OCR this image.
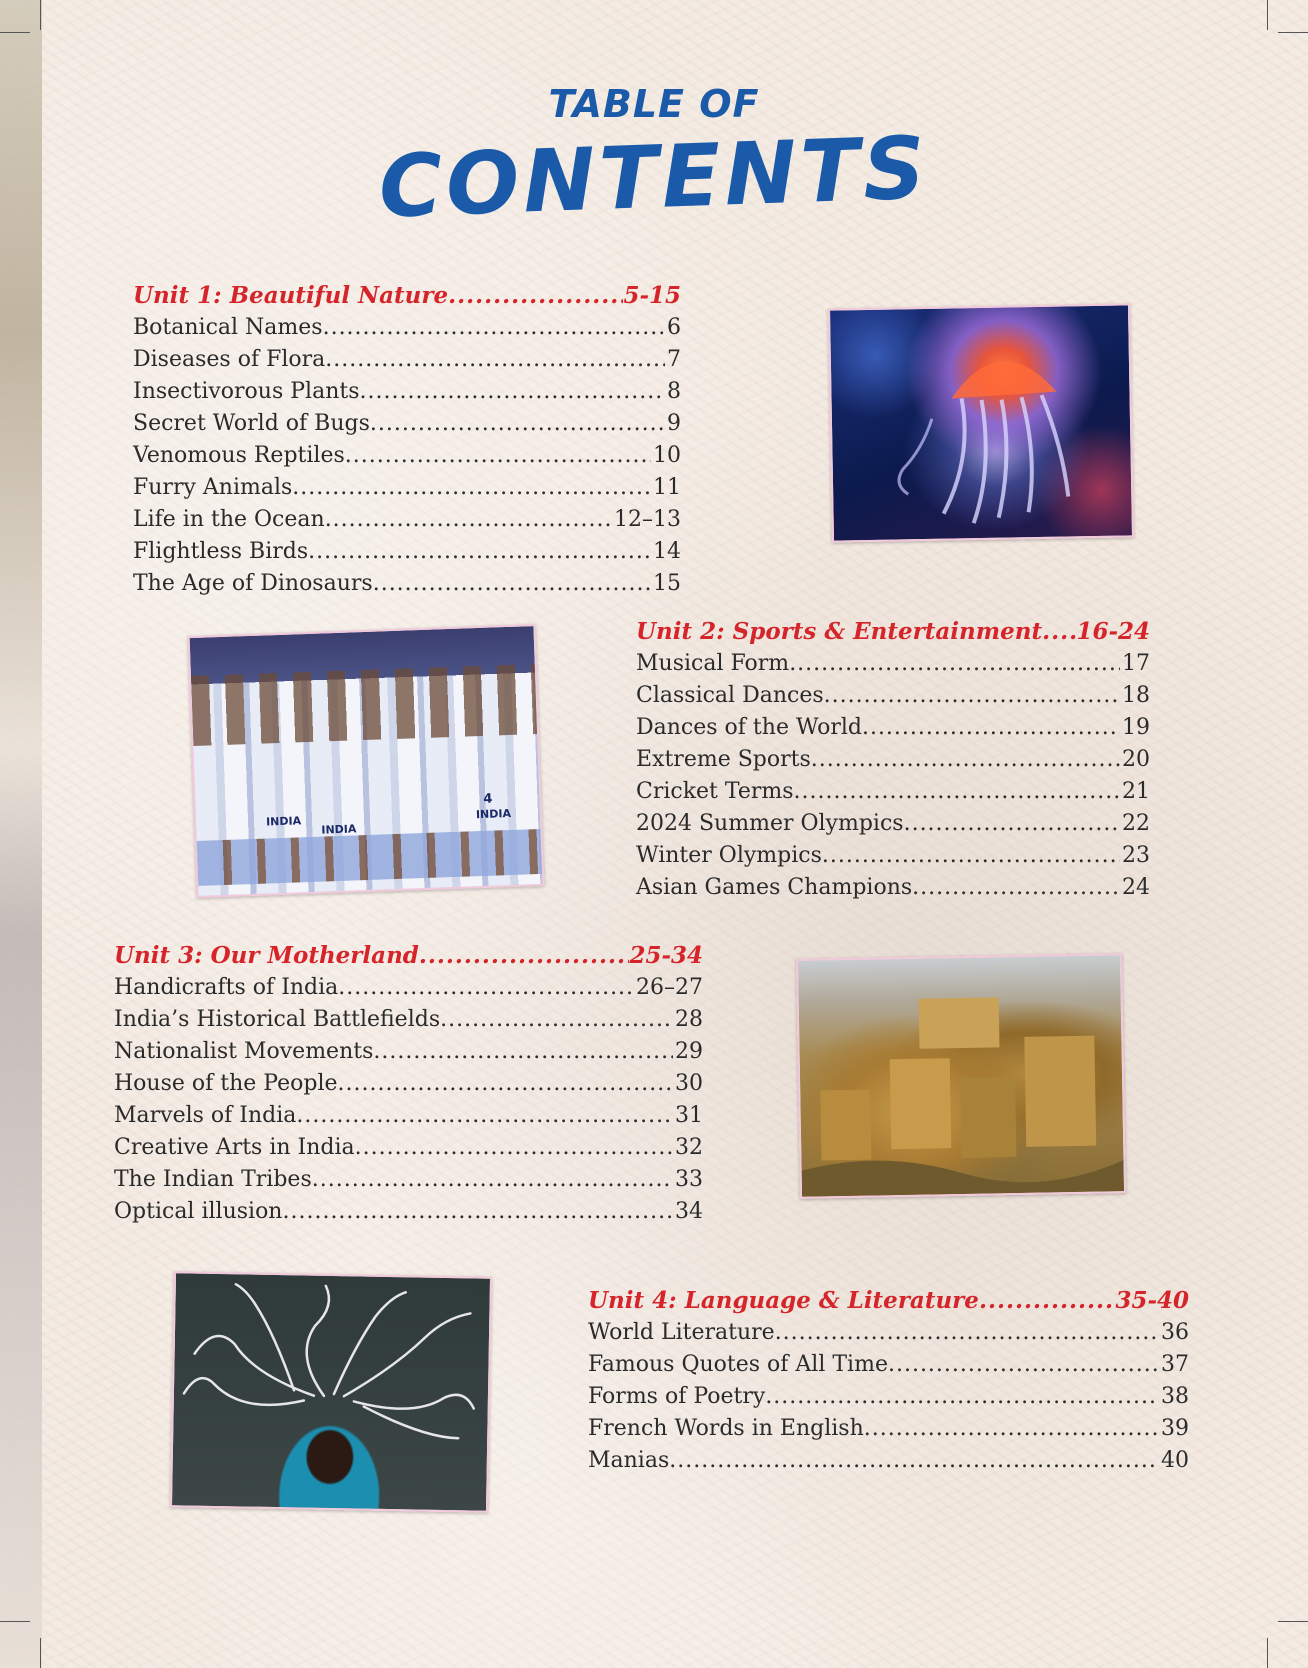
TABLE OF
CONTENTS
Unit 1: Beautiful Nature .....	5-15
Botanical Names .....	6
Diseases of Flora .....	7
Insectivorous Plants .....	8
Secret World of Bugs .....	9
Venomous Reptiles .....	10
Furry Animals .....	11
Life in the Ocean .....	12–13
Flightless Birds .....	14
The Age of Dinosaurs .....	15
Unit 2: Sports & Entertainment ..... 16-24
Musical Form .....	17
Classical Dances .....	18
Dances of the World .....	19
Extreme Sports .....	20
Cricket Terms .....	21
2024 Summer Olympics .....	22
Winter Olympics .....	23
Asian Games Champions .....	24
INDIA
INDIA
INDIA
4
Unit 3: Our Motherland .....	25-34
Handicrafts of India .....	26–27
India’s Historical Battlefields .....	28
Nationalist Movements .....	29
House of the People .....	30
Marvels of India .....	31
Creative Arts in India .....	32
The Indian Tribes .....	33
Optical illusion .....	34
Unit 4: Language & Literature .....	35-40
World Literature .....	36
Famous Quotes of All Time .....	37
Forms of Poetry .....	38
French Words in English .....	39
Manias .....	40
